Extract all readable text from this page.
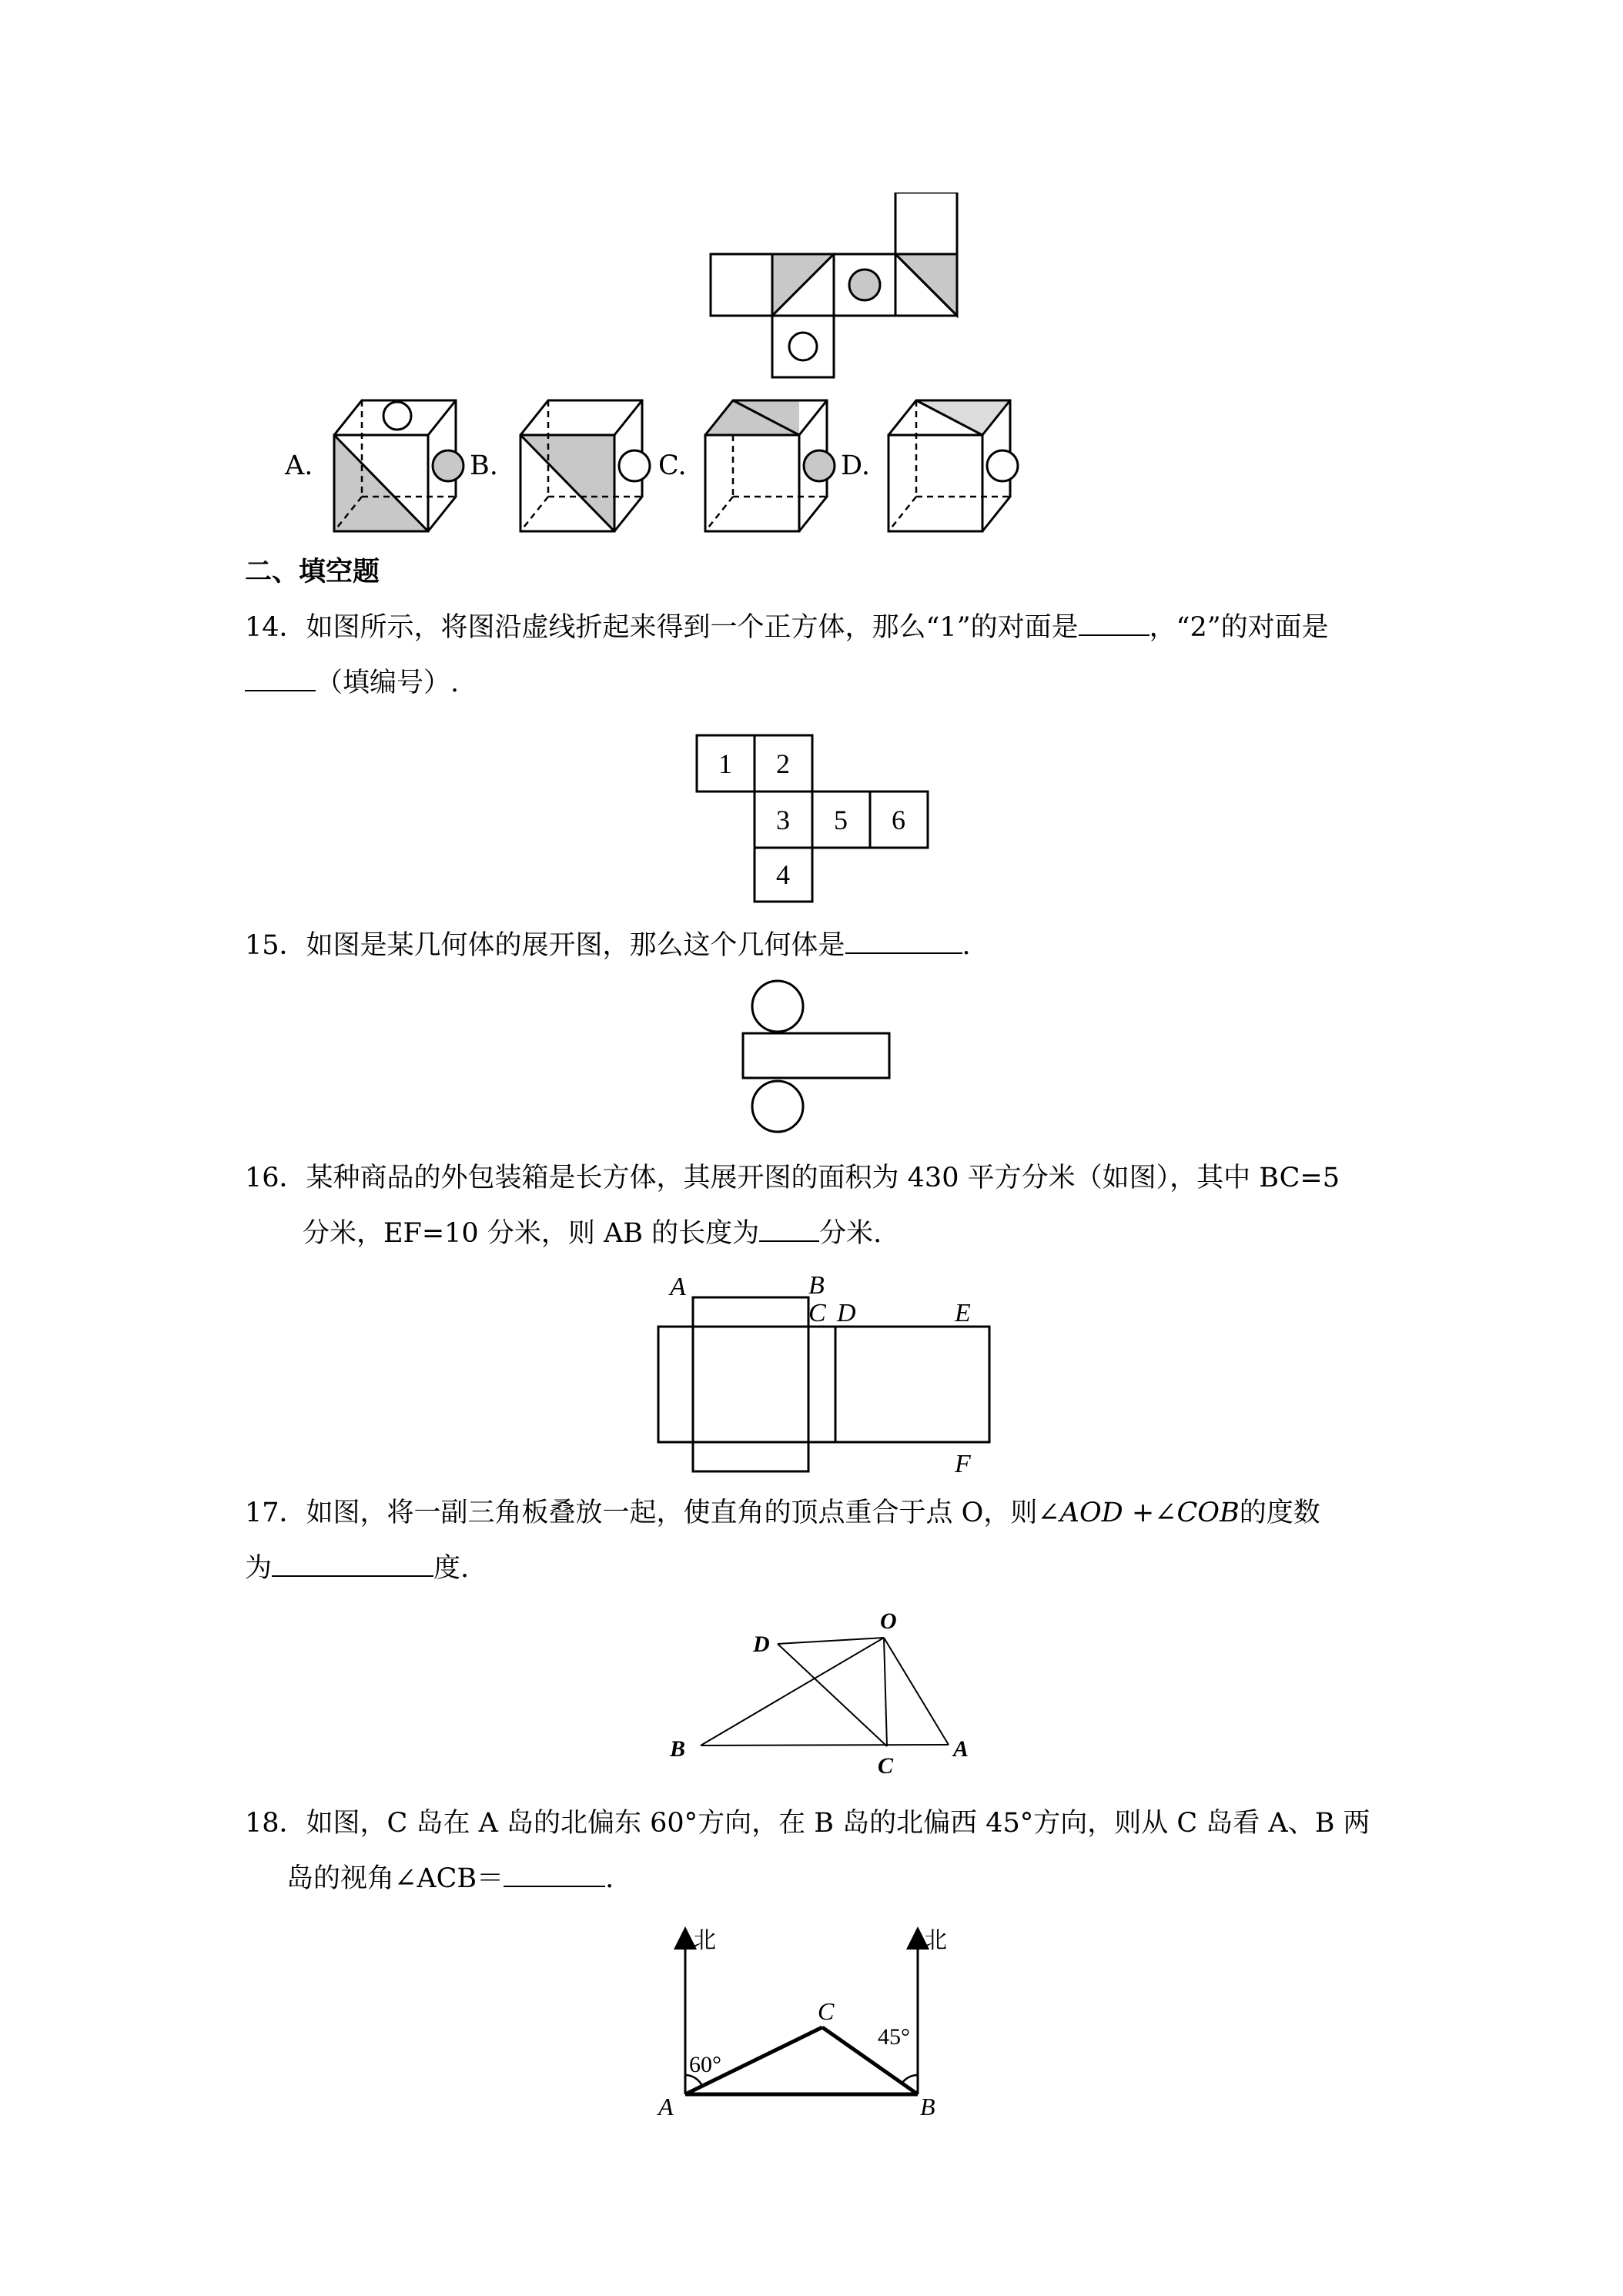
A.	B.	C.	D.
二、填空题
14．如图所示，将图沿虚线折起来得到一个正方体，那么“1”的对面是	，“2”的对面是
（填编号）.
1 2
3 5 6
4
15．如图是某几何体的展开图，那么这个几何体是	.
16．某种商品的外包装箱是长方体，其展开图的面积为 430 平方分米（如图），其中 BC=5
分米，EF=10 分米，则 AB 的长度为 分米.
A	B
C D	E
F
17．如图，将一副三角板叠放一起，使直角的顶点重合于点 O，则∠AOD +∠COB的度数
为	度.
O
D
B
C
A
18．如图，C 岛在 A 岛的北偏东 60°方向，在 B 岛的北偏西 45°方向，则从 C 岛看 A、B 两
岛的视角∠ACB＝	.
北	北
60°
45°
A	B
C
